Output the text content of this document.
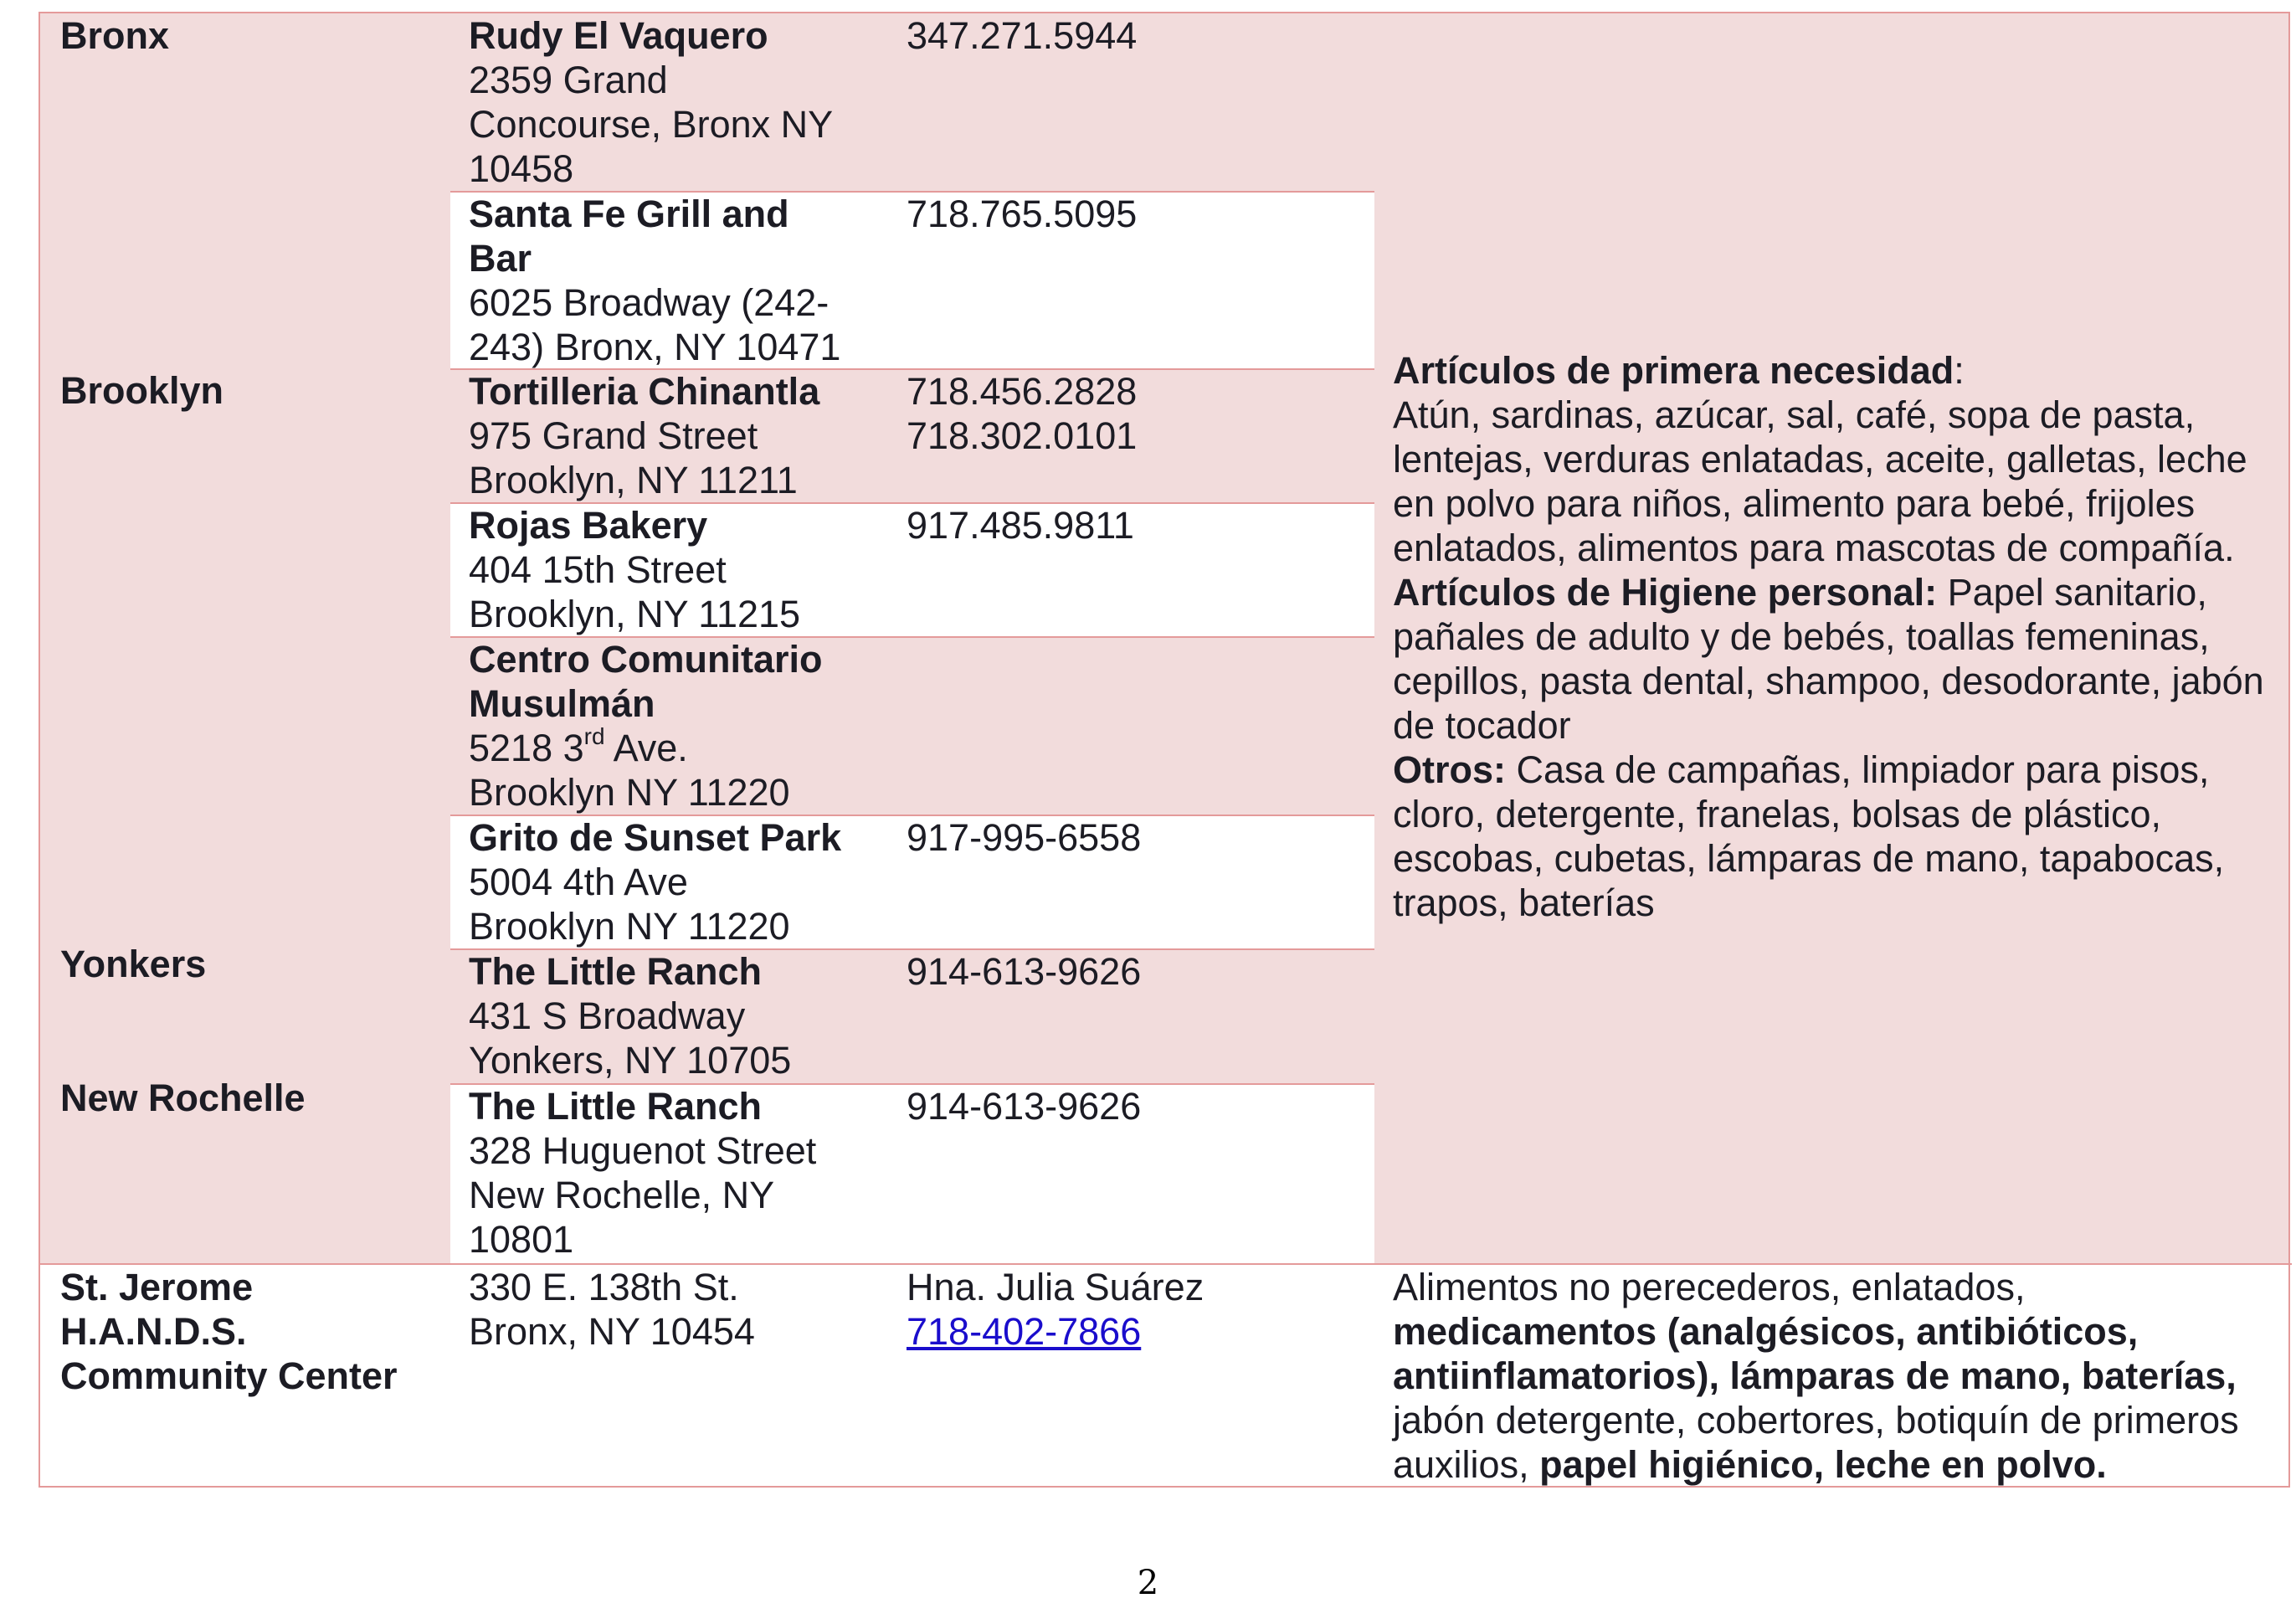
Bronx
Brooklyn
Yonkers
New Rochelle
Artículos de primera necesidad:
Atún, sardinas, azúcar, sal, café, sopa de pasta, lentejas, verduras enlatadas, aceite, galletas, leche en polvo para niños, alimento para bebé, frijoles enlatados, alimentos para mascotas de compañía.
Artículos de Higiene personal: Papel sanitario, pañales de adulto y de bebés, toallas femeninas, cepillos, pasta dental, shampoo, desodorante, jabón de tocador
Otros: Casa de campañas, limpiador para pisos, cloro, detergente, franelas, bolsas de plástico, escobas, cubetas, lámparas de mano, tapabocas, trapos, baterías
Rudy El Vaquero
2359 Grand
Concourse, Bronx NY
10458
347.271.5944
Santa Fe Grill and
Bar
6025 Broadway (242-
243) Bronx, NY 10471
718.765.5095
Tortilleria Chinantla
975 Grand Street
Brooklyn, NY 11211
718.456.2828
718.302.0101
Rojas Bakery
404 15th Street
Brooklyn, NY 11215
917.485.9811
Centro Comunitario
Musulmán
5218 3rd Ave.
Brooklyn NY 11220
Grito de Sunset Park
5004 4th Ave
Brooklyn NY 11220
917-995-6558
The Little Ranch
431 S Broadway
Yonkers, NY 10705
914-613-9626
The Little Ranch
328 Huguenot Street
New Rochelle, NY
10801
914-613-9626
St. Jerome
H.A.N.D.S.
Community Center
330 E. 138th St.
Bronx, NY 10454
Hna. Julia Suárez
718-402-7866
Alimentos no perecederos, enlatados, medicamentos (analgésicos, antibióticos, antiinflamatorios), lámparas de mano, baterías, jabón detergente, cobertores, botiquín de primeros auxilios, papel higiénico, leche en polvo.
2
